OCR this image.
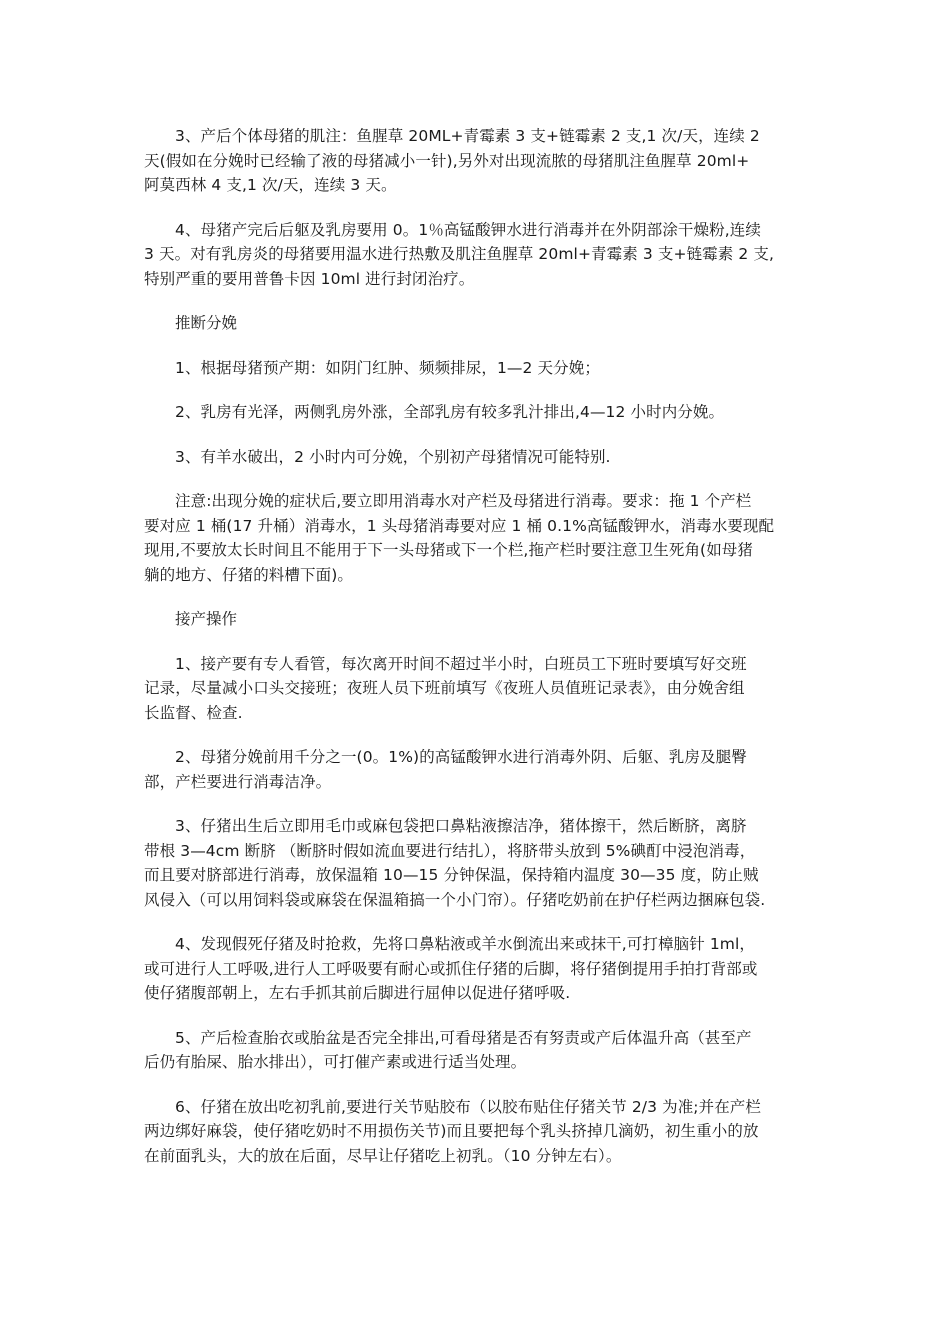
3、产后个体母猪的肌注：鱼腥草 20ML+青霉素 3 支+链霉素 2 支,1 次/天，连续 2
天(假如在分娩时已经输了液的母猪减小一针),另外对出现流脓的母猪肌注鱼腥草 20ml+
阿莫西林 4 支,1 次/天，连续 3 天。

4、母猪产完后后躯及乳房要用 0。1％高锰酸钾水进行消毒并在外阴部涂干燥粉,连续
3 天。对有乳房炎的母猪要用温水进行热敷及肌注鱼腥草 20ml+青霉素 3 支+链霉素 2 支,
特别严重的要用普鲁卡因 10ml 进行封闭治疗。

推断分娩

1、根据母猪预产期：如阴门红肿、频频排尿，1—2 天分娩；

2、乳房有光泽，两侧乳房外涨，全部乳房有较多乳汁排出,4—12 小时内分娩。

3、有羊水破出，2 小时内可分娩，个别初产母猪情况可能特别.

注意:出现分娩的症状后,要立即用消毒水对产栏及母猪进行消毒。要求：拖 1 个产栏
要对应 1 桶(17 升桶）消毒水，1 头母猪消毒要对应 1 桶 0.1%高锰酸钾水，消毒水要现配
现用,不要放太长时间且不能用于下一头母猪或下一个栏,拖产栏时要注意卫生死角(如母猪
躺的地方、仔猪的料槽下面)。

接产操作

1、接产要有专人看管，每次离开时间不超过半小时，白班员工下班时要填写好交班
记录，尽量减小口头交接班；夜班人员下班前填写《夜班人员值班记录表》，由分娩舍组
长监督、检查.

2、母猪分娩前用千分之一(0。1%)的高锰酸钾水进行消毒外阴、后躯、乳房及腿臀
部，产栏要进行消毒洁净。

3、仔猪出生后立即用毛巾或麻包袋把口鼻粘液擦洁净，猪体擦干，然后断脐，离脐
带根 3—4cm 断脐 （断脐时假如流血要进行结扎），将脐带头放到 5%碘酊中浸泡消毒，
而且要对脐部进行消毒，放保温箱 10—15 分钟保温，保持箱内温度 30—35 度，防止贼
风侵入（可以用饲料袋或麻袋在保温箱搞一个小门帘）。仔猪吃奶前在护仔栏两边捆麻包袋.

4、发现假死仔猪及时抢救，先将口鼻粘液或羊水倒流出来或抹干,可打樟脑针 1ml，
或可进行人工呼吸,进行人工呼吸要有耐心或抓住仔猪的后脚，将仔猪倒提用手拍打背部或
使仔猪腹部朝上，左右手抓其前后脚进行屈伸以促进仔猪呼吸.

5、产后检查胎衣或胎盆是否完全排出,可看母猪是否有努责或产后体温升高（甚至产
后仍有胎屎、胎水排出），可打催产素或进行适当处理。

6、仔猪在放出吃初乳前,要进行关节贴胶布（以胶布贴住仔猪关节 2/3 为准;并在产栏
两边绑好麻袋，使仔猪吃奶时不用损伤关节)而且要把每个乳头挤掉几滴奶，初生重小的放
在前面乳头，大的放在后面，尽早让仔猪吃上初乳。（10 分钟左右）。
